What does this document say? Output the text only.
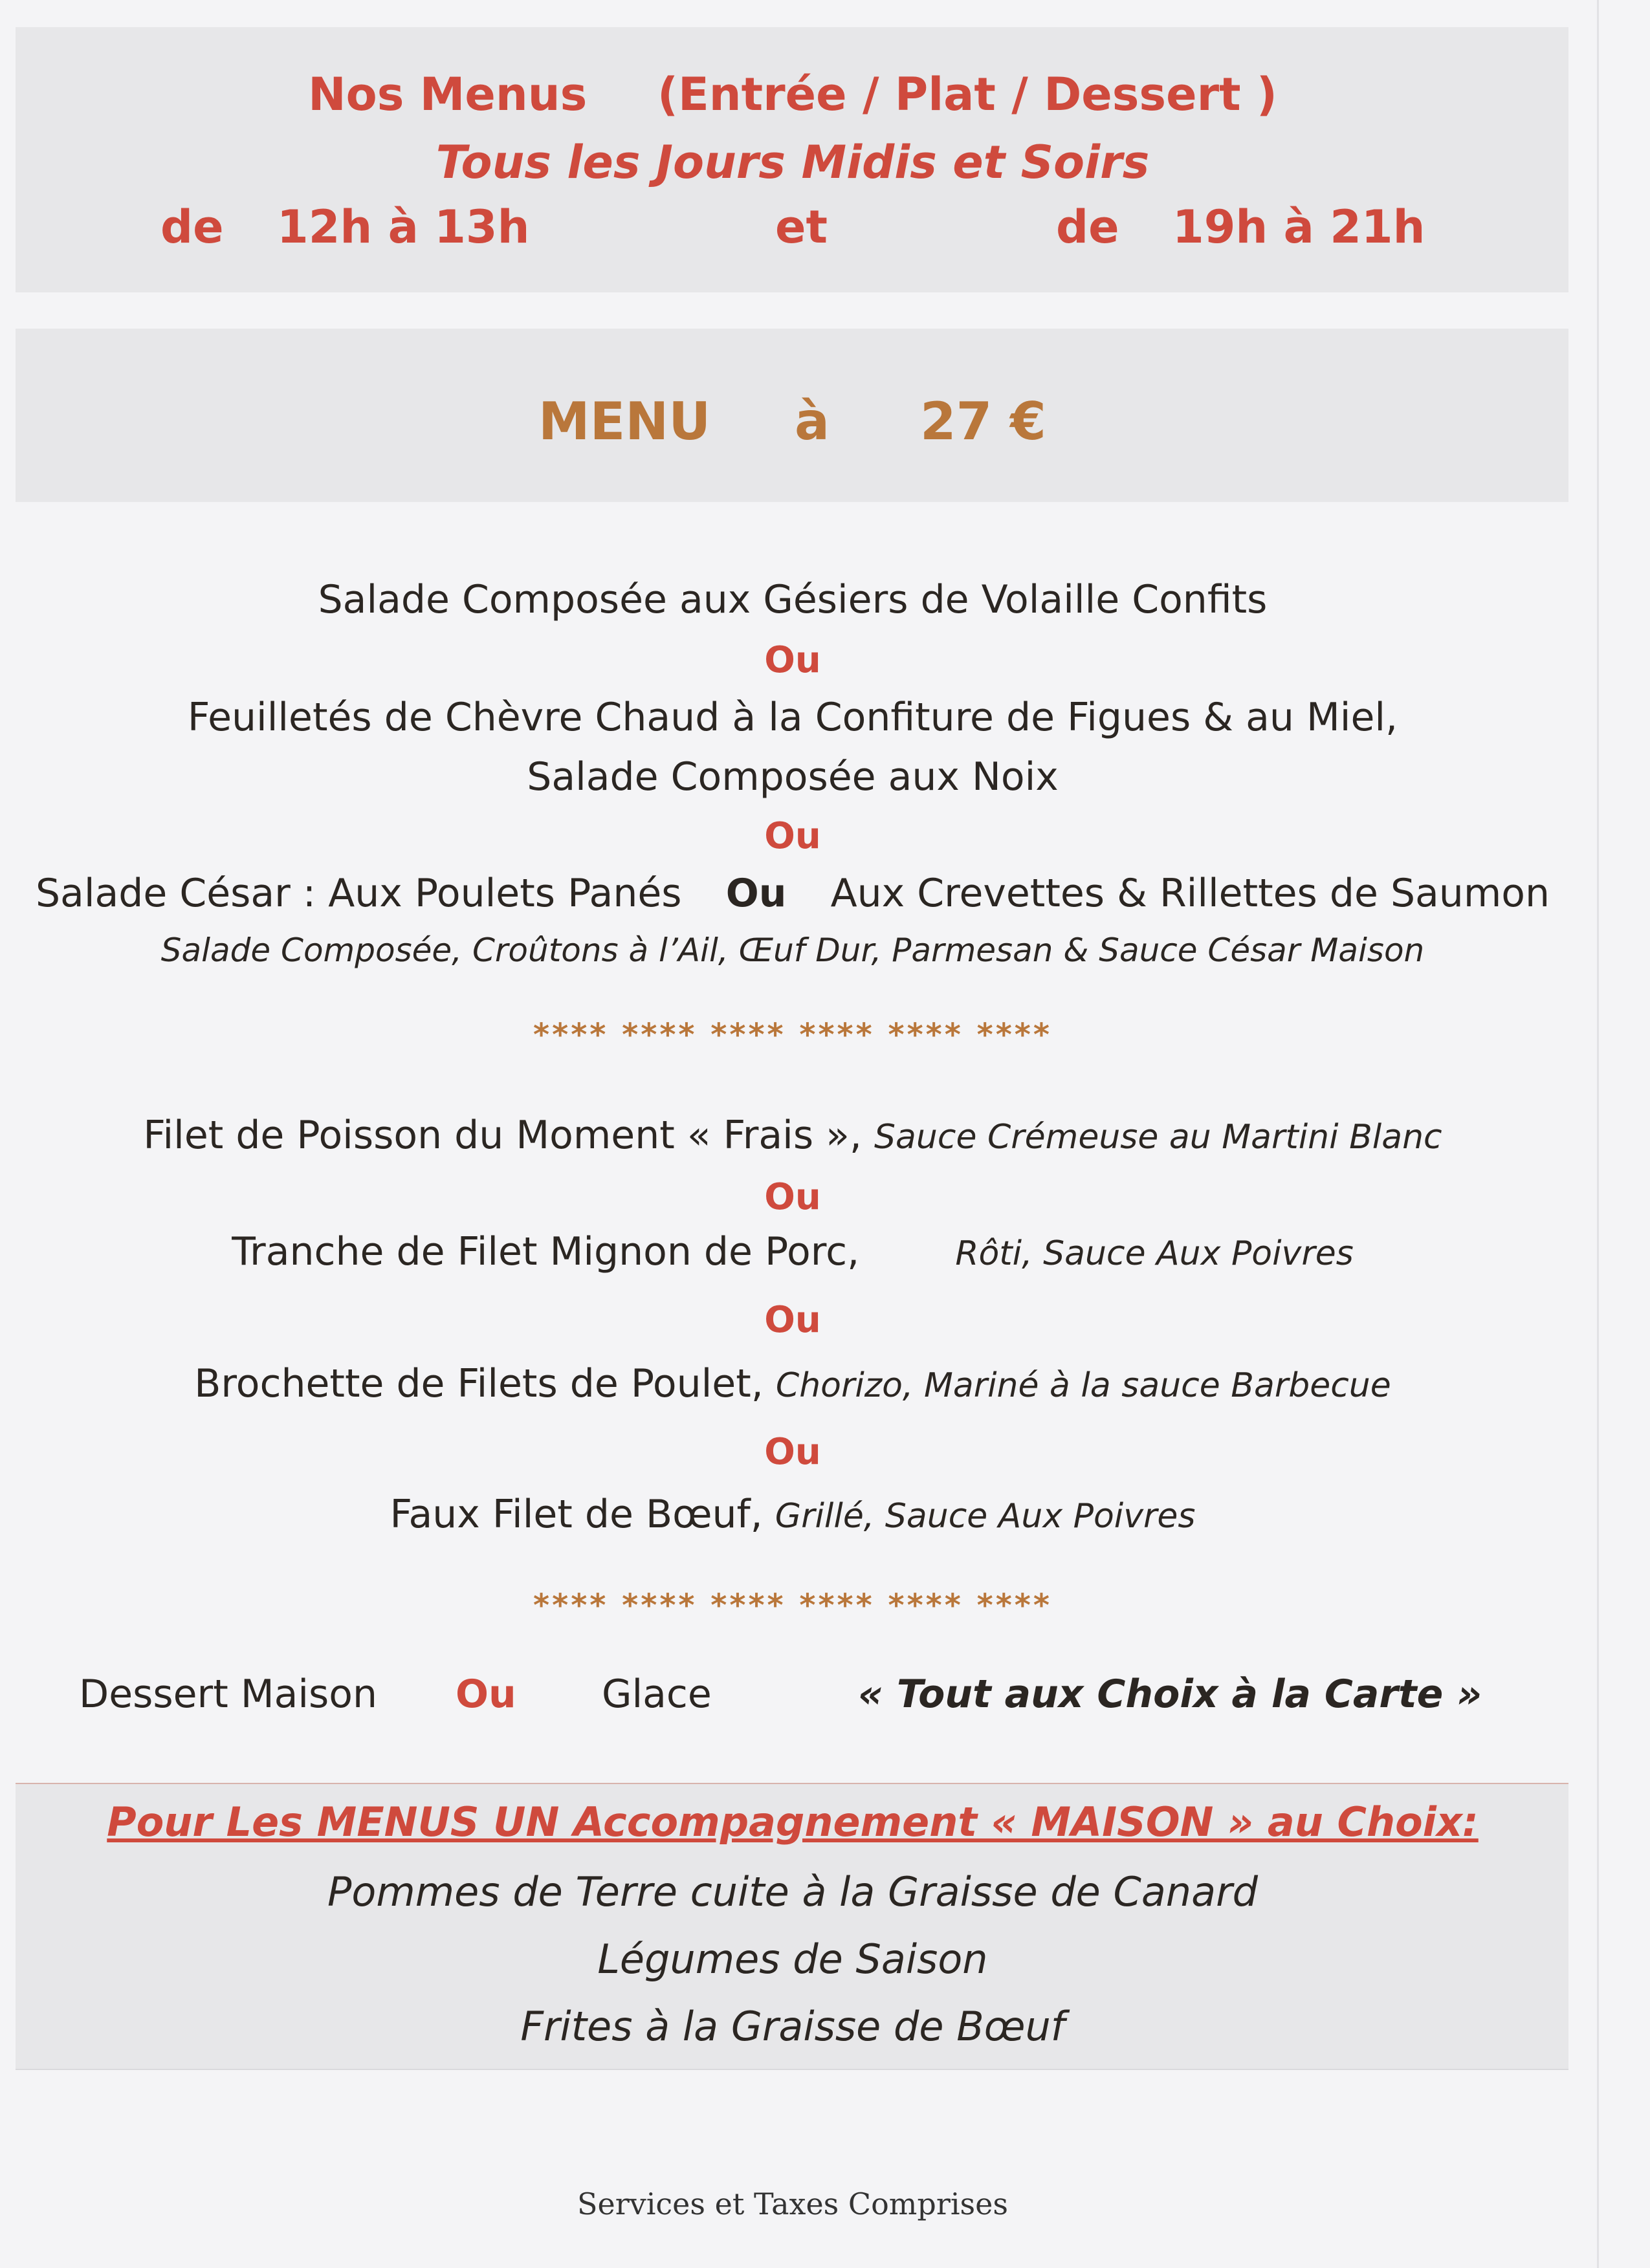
Nos Menus (Entrée / Plat / Dessert )
Tous les Jours Midis et Soirs
de 12h à 13h	et	de 19h à 21h
MENU à 27 €
Salade Composée aux Gésiers de Volaille Confits
Ou
Feuilletés de Chèvre Chaud à la Confiture de Figues & au Miel,
Salade Composée aux Noix
Ou
Salade César : Aux Poulets Panés Ou Aux Crevettes & Rillettes de Saumon
Salade Composée, Croûtons à l’Ail, Œuf Dur, Parmesan & Sauce César Maison
**** **** **** **** **** ****
Filet de Poisson du Moment « Frais », Sauce Crémeuse au Martini Blanc
Ou
Tranche de Filet Mignon de Porc,	Rôti, Sauce Aux Poivres
Ou
Brochette de Filets de Poulet, Chorizo, Mariné à la sauce Barbecue
Ou
Faux Filet de Bœuf, Grillé, Sauce Aux Poivres
**** **** **** **** **** ****
Dessert Maison Ou Glace	« Tout aux Choix à la Carte »
Pour Les MENUS UN Accompagnement « MAISON » au Choix:
Pommes de Terre cuite à la Graisse de Canard
Légumes de Saison
Frites à la Graisse de Bœuf
Services et Taxes Comprises
